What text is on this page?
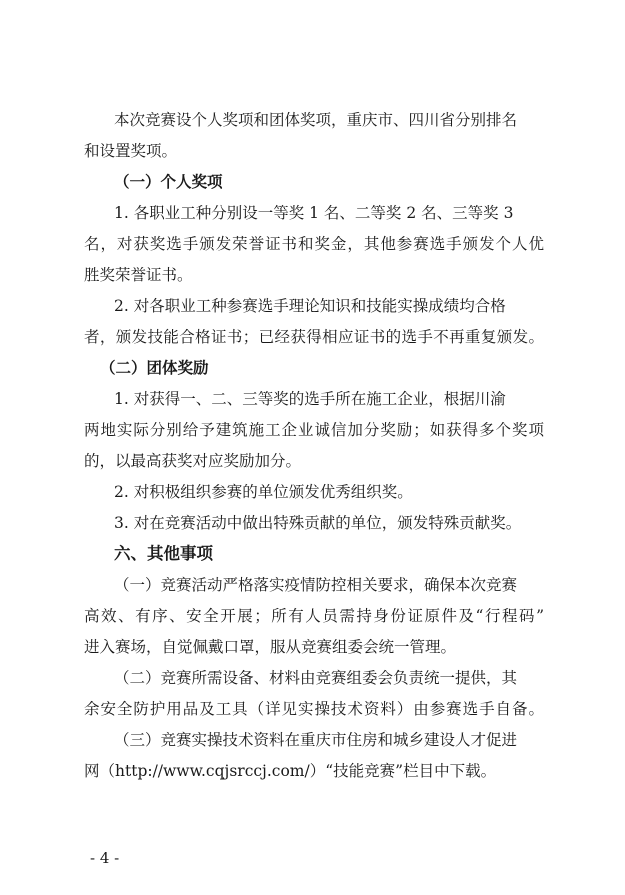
本次竞赛设个人奖项和团体奖项，重庆市、四川省分别排名
和设置奖项。
（一）个人奖项
1. 各职业工种分别设一等奖 1 名、二等奖 2 名、三等奖 3
名，对获奖选手颁发荣誉证书和奖金，其他参赛选手颁发个人优
胜奖荣誉证书。
2. 对各职业工种参赛选手理论知识和技能实操成绩均合格
者，颁发技能合格证书；已经获得相应证书的选手不再重复颁发。
（二）团体奖励
1. 对获得一、二、三等奖的选手所在施工企业，根据川渝
两地实际分别给予建筑施工企业诚信加分奖励；如获得多个奖项
的，以最高获奖对应奖励加分。
2. 对积极组织参赛的单位颁发优秀组织奖。
3. 对在竞赛活动中做出特殊贡献的单位，颁发特殊贡献奖。
六、其他事项
（一）竞赛活动严格落实疫情防控相关要求，确保本次竞赛
高效、有序、安全开展；所有人员需持身份证原件及“行程码”
进入赛场，自觉佩戴口罩，服从竞赛组委会统一管理。
（二）竞赛所需设备、材料由竞赛组委会负责统一提供，其
余安全防护用品及工具（详见实操技术资料）由参赛选手自备。
（三）竞赛实操技术资料在重庆市住房和城乡建设人才促进
网（http://www.cqjsrccj.com/）“技能竞赛”栏目中下载。
- 4 -
